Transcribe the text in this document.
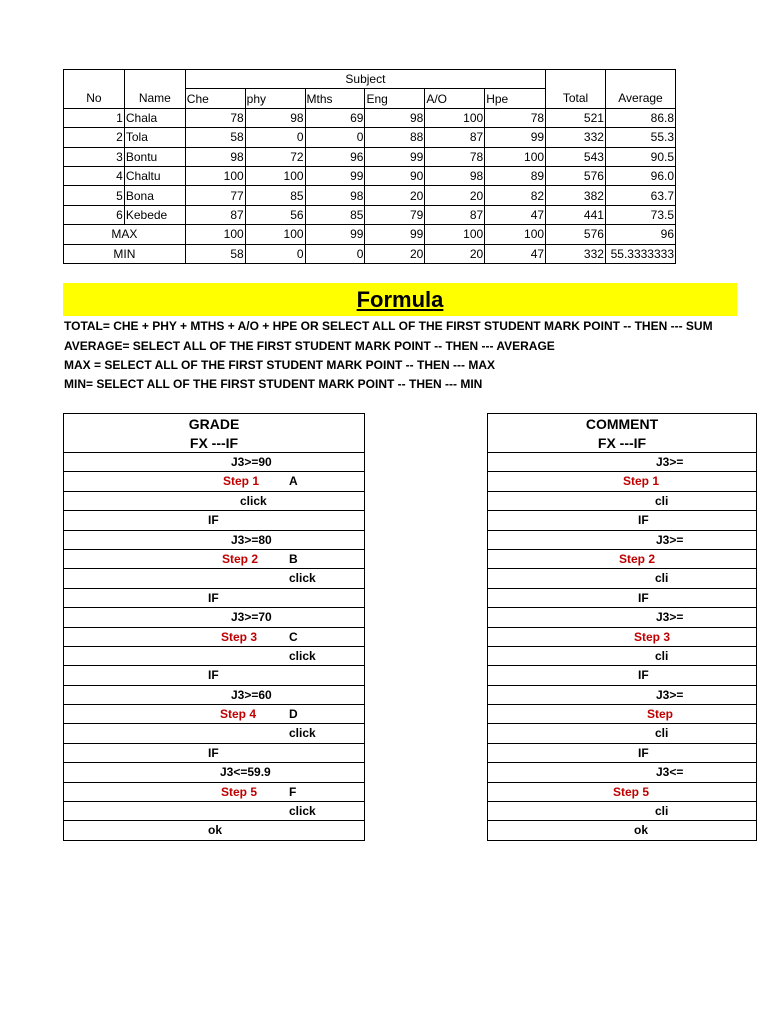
		Subject							
No	Name	Che	phy	Mths	Eng	A/O	Hpe	Total	Average
1	Chala	78	98	69	98	100	78	521	86.8
2	Tola	58	0	0	88	87	99	332	55.3
3	Bontu	98	72	96	99	78	100	543	90.5
4	Chaltu	100	100	99	90	98	89	576	96.0
5	Bona	77	85	98	20	20	82	382	63.7
6	Kebede	87	56	85	79	87	47	441	73.5
MAX		100	100	99	99	100	100	576	96
MIN		58	0	0	20	20	47	332	55.3333333
Formula
TOTAL= CHE + PHY + MTHS + A/O + HPE OR SELECT ALL OF THE FIRST STUDENT MARK POINT -- THEN --- SUM
AVERAGE= SELECT ALL OF THE FIRST STUDENT MARK POINT -- THEN --- AVERAGE
MAX = SELECT ALL OF THE FIRST STUDENT MARK POINT -- THEN --- MAX
MIN= SELECT ALL OF THE FIRST STUDENT MARK POINT -- THEN --- MIN
GRADE
FX ---IF

J3>=90

Step 1 A

click

IF

J3>=80

Step 2	B

click

IF

J3>=70

Step 3	C

click

IF

J3>=60

Step 4	D

click

IF

J3<=59.9

Step 5	F

click

ok
COMMENT
FX ---IF

J3>=

Step 1

cli

IF

J3>=

Step 2

cli

IF

J3>=

Step 3

cli

IF

J3>=

Step

cli

IF

J3<=

Step 5

cli

ok
